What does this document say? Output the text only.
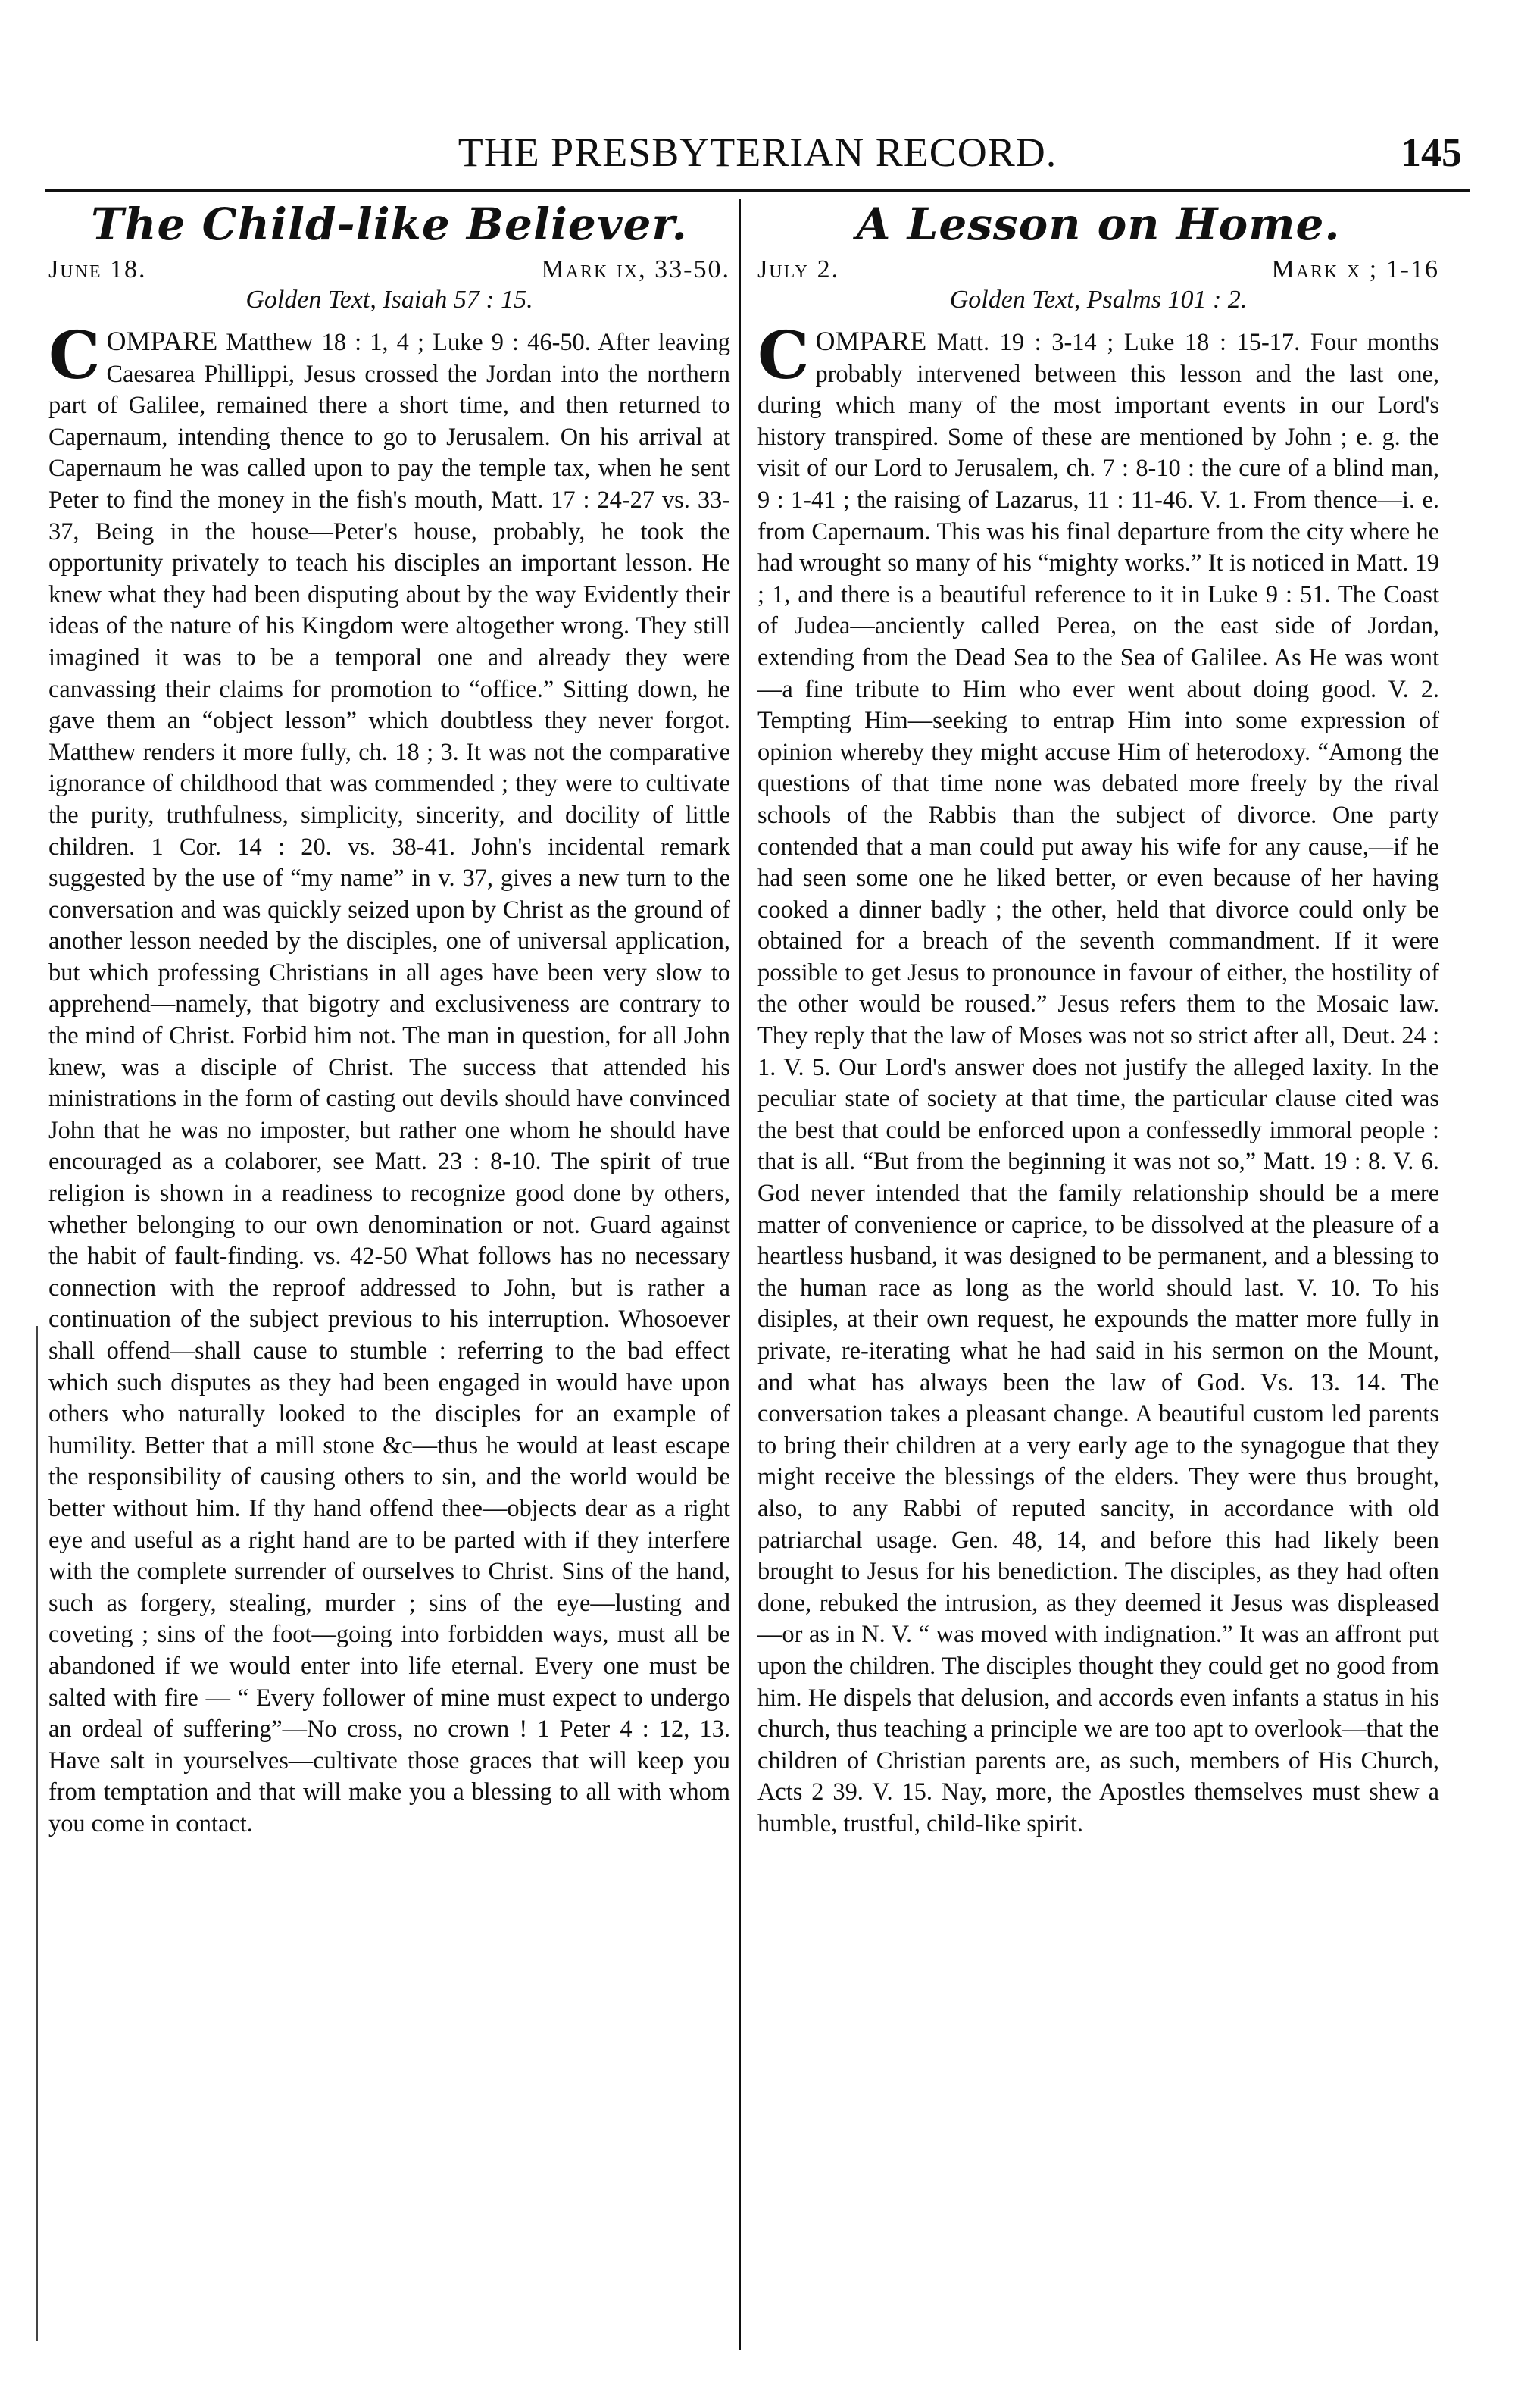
THE PRESBYTERIAN RECORD.	145
The Child-like Believer.
June 18.	Mark ix, 33-50.
Golden Text, Isaiah 57 : 15.

COMPARE Matthew 18 : 1, 4 ; Luke 9 : 46-50. After leaving Caesarea Phillippi, Jesus crossed the Jordan into the northern part of Galilee, remained there a short time, and then returned to Capernaum, intending thence to go to Jerusalem. On his arrival at Capernaum he was called upon to pay the temple tax, when he sent Peter to find the money in the fish's mouth, Matt. 17 : 24-27 vs. 33-37, Being in the house—Peter's house, probably, he took the opportunity privately to teach his disciples an important lesson. He knew what they had been disputing about by the way Evidently their ideas of the nature of his Kingdom were altogether wrong. They still imagined it was to be a temporal one and already they were canvassing their claims for promotion to “office.” Sitting down, he gave them an “object lesson” which doubtless they never forgot. Matthew renders it more fully, ch. 18 ; 3. It was not the comparative ignorance of childhood that was commended ; they were to cultivate the purity, truthfulness, simplicity, sincerity, and docility of little children. 1 Cor. 14 : 20. vs. 38-41. John's incidental remark suggested by the use of “my name” in v. 37, gives a new turn to the conversation and was quickly seized upon by Christ as the ground of another lesson needed by the disciples, one of universal application, but which professing Christians in all ages have been very slow to apprehend—namely, that bigotry and exclusiveness are contrary to the mind of Christ. Forbid him not. The man in question, for all John knew, was a disciple of Christ. The success that attended his ministrations in the form of casting out devils should have convinced John that he was no imposter, but rather one whom he should have encouraged as a colaborer, see Matt. 23 : 8-10. The spirit of true religion is shown in a readiness to recognize good done by others, whether belonging to our own denomination or not. Guard against the habit of fault-finding. vs. 42-50 What follows has no necessary connection with the reproof addressed to John, but is rather a continuation of the subject previous to his interruption. Whosoever shall offend—shall cause to stumble : referring to the bad effect which such disputes as they had been engaged in would have upon others who naturally looked to the disciples for an example of humility. Better that a mill stone &c—thus he would at least escape the responsibility of causing others to sin, and the world would be better without him. If thy hand offend thee—objects dear as a right eye and useful as a right hand are to be parted with if they interfere with the complete surrender of ourselves to Christ. Sins of the hand, such as forgery, stealing, murder ; sins of the eye—lusting and coveting ; sins of the foot—going into forbidden ways, must all be abandoned if we would enter into life eternal. Every one must be salted with fire — “ Every follower of mine must expect to undergo an ordeal of suffering”—No cross, no crown ! 1 Peter 4 : 12, 13. Have salt in yourselves—cultivate those graces that will keep you from temptation and that will make you a blessing to all with whom you come in contact.

A Lesson on Home.
July 2.	Mark x ; 1-16
Golden Text, Psalms 101 : 2.

COMPARE Matt. 19 : 3-14 ; Luke 18 : 15-17. Four months probably intervened between this lesson and the last one, during which many of the most important events in our Lord's history transpired. Some of these are mentioned by John ; e. g. the visit of our Lord to Jerusalem, ch. 7 : 8-10 : the cure of a blind man, 9 : 1-41 ; the raising of Lazarus, 11 : 11-46. V. 1. From thence—i. e. from Capernaum. This was his final departure from the city where he had wrought so many of his “mighty works.” It is noticed in Matt. 19 ; 1, and there is a beautiful reference to it in Luke 9 : 51. The Coast of Judea—anciently called Perea, on the east side of Jordan, extending from the Dead Sea to the Sea of Galilee. As He was wont—a fine tribute to Him who ever went about doing good. V. 2. Tempting Him—seeking to entrap Him into some expression of opinion whereby they might accuse Him of heterodoxy. “Among the questions of that time none was debated more freely by the rival schools of the Rabbis than the subject of divorce. One party contended that a man could put away his wife for any cause,—if he had seen some one he liked better, or even because of her having cooked a dinner badly ; the other, held that divorce could only be obtained for a breach of the seventh commandment. If it were possible to get Jesus to pronounce in favour of either, the hostility of the other would be roused.” Jesus refers them to the Mosaic law. They reply that the law of Moses was not so strict after all, Deut. 24 : 1. V. 5. Our Lord's answer does not justify the alleged laxity. In the peculiar state of society at that time, the particular clause cited was the best that could be enforced upon a confessedly immoral people : that is all. “But from the beginning it was not so,” Matt. 19 : 8. V. 6. God never intended that the family relationship should be a mere matter of convenience or caprice, to be dissolved at the pleasure of a heartless husband, it was designed to be permanent, and a blessing to the human race as long as the world should last. V. 10. To his disiples, at their own request, he expounds the matter more fully in private, re-iterating what he had said in his sermon on the Mount, and what has always been the law of God. Vs. 13. 14. The conversation takes a pleasant change. A beautiful custom led parents to bring their children at a very early age to the synagogue that they might receive the blessings of the elders. They were thus brought, also, to any Rabbi of reputed sancity, in accordance with old patriarchal usage. Gen. 48, 14, and before this had likely been brought to Jesus for his benediction. The disciples, as they had often done, rebuked the intrusion, as they deemed it Jesus was displeased—or as in N. V. “ was moved with indignation.” It was an affront put upon the children. The disciples thought they could get no good from him. He dispels that delusion, and accords even infants a status in his church, thus teaching a principle we are too apt to overlook—that the children of Christian parents are, as such, members of His Church, Acts 2 39. V. 15. Nay, more, the Apostles themselves must shew a humble, trustful, child-like spirit.
